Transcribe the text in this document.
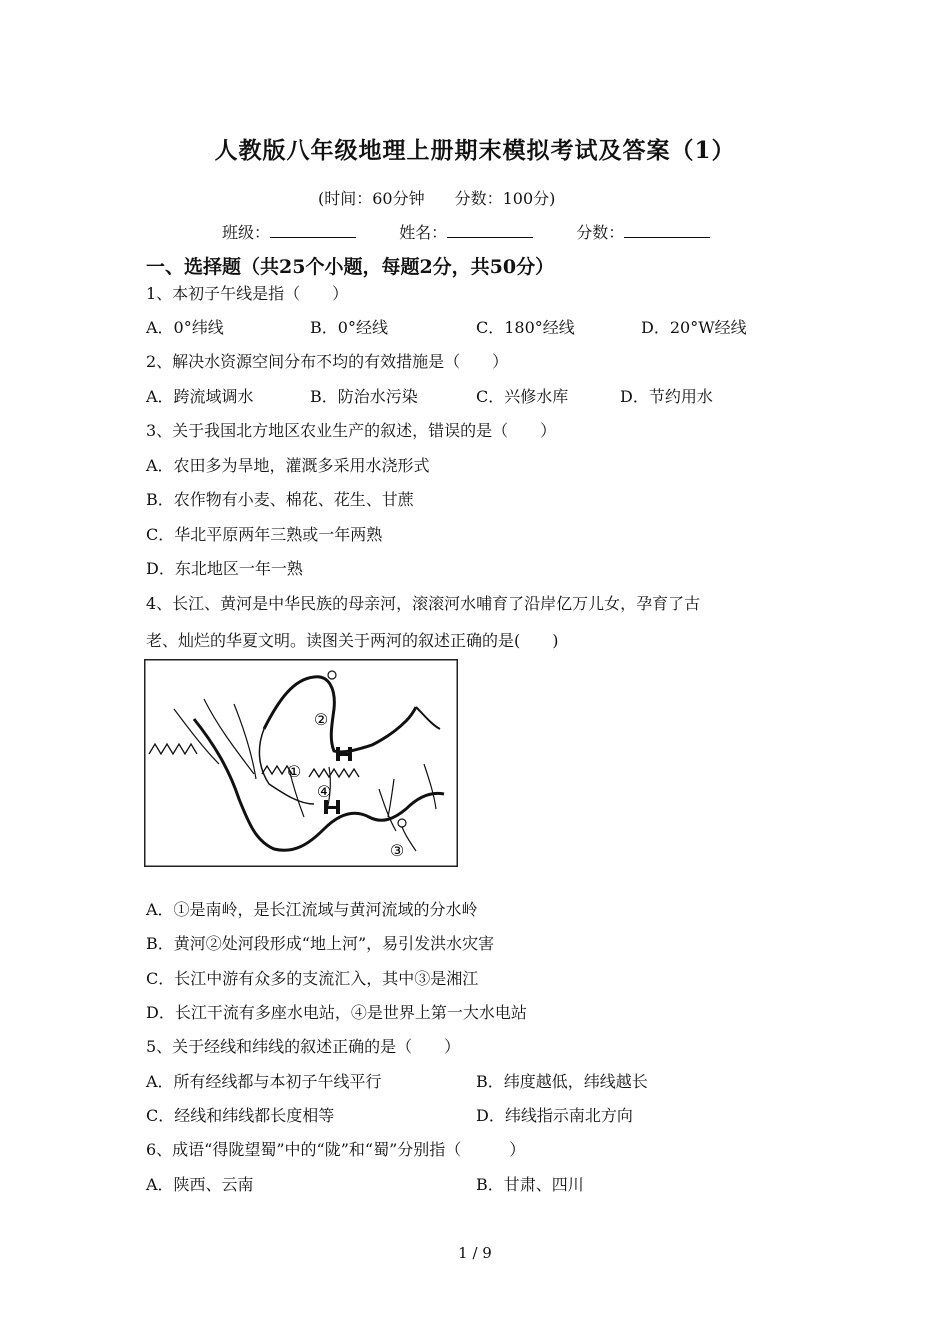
人教版八年级地理上册期末模拟考试及答案（1）
(时间：60分钟 分数：100分)
班级：	姓名：	分数：
一、选择题（共25个小题，每题2分，共50分）
1、本初子午线是指（　　）
A．0°纬线	B．0°经线	C．180°经线	D．20°W经线
2、解决水资源空间分布不均的有效措施是（　　）
A．跨流域调水	B．防治水污染	C．兴修水库	D．节约用水
3、关于我国北方地区农业生产的叙述，错误的是（　　）
A．农田多为旱地，灌溉多采用水浇形式
B．农作物有小麦、棉花、花生、甘蔗
C．华北平原两年三熟或一年两熟
D．东北地区一年一熟
4、长江、黄河是中华民族的母亲河，滚滚河水哺育了沿岸亿万儿女，孕育了古
老、灿烂的华夏文明。读图关于两河的叙述正确的是(　　)
②
①
④
③
A．①是南岭，是长江流域与黄河流域的分水岭
B．黄河②处河段形成“地上河”，易引发洪水灾害
C．长江中游有众多的支流汇入，其中③是湘江
D．长江干流有多座水电站，④是世界上第一大水电站
5、关于经线和纬线的叙述正确的是（　　）
A．所有经线都与本初子午线平行	B．纬度越低，纬线越长
C．经线和纬线都长度相等	D．纬线指示南北方向
6、成语“得陇望蜀”中的“陇”和“蜀”分别指（　　　）
A．陕西、云南	B．甘肃、四川
1 / 9
